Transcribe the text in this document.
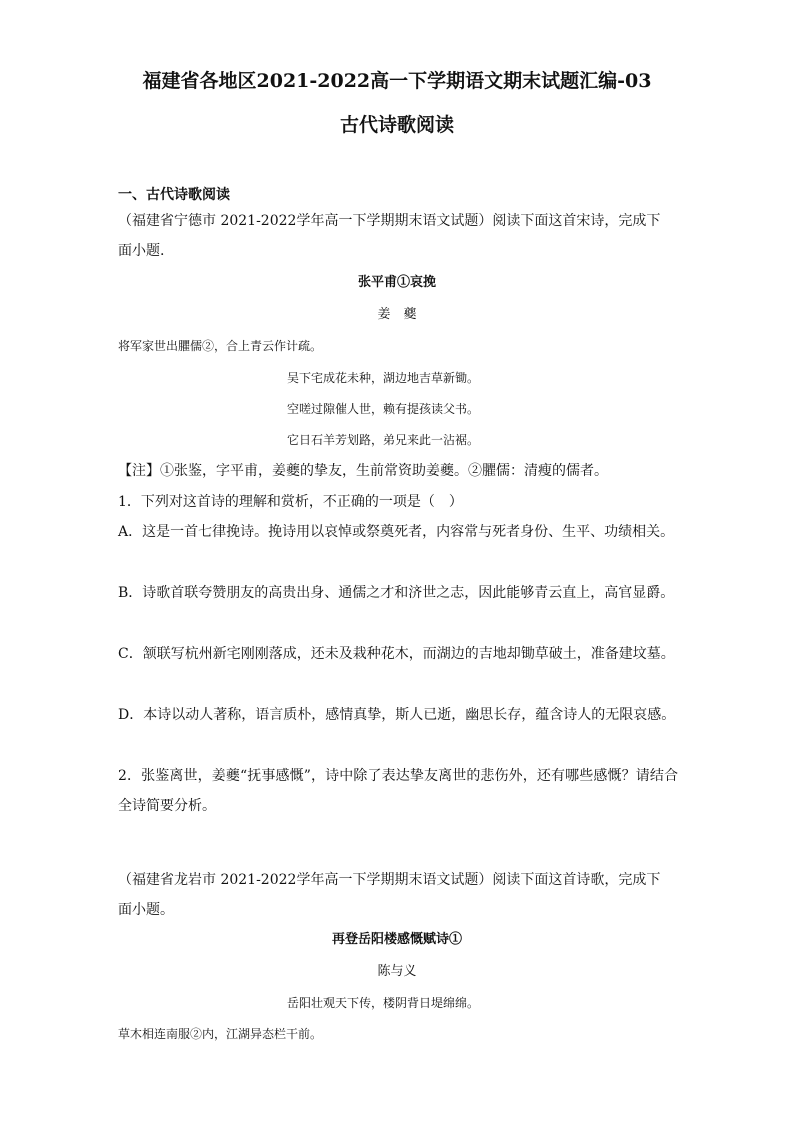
福建省各地区2021-2022高一下学期语文期末试题汇编-03
古代诗歌阅读
一、古代诗歌阅读
（福建省宁德市 2021-2022学年高一下学期期末语文试题）阅读下面这首宋诗，完成下
面小题.
张平甫①哀挽
姜　夔
将军家世出臞儒②，合上青云作计疏。
吴下宅成花未种，湖边地吉草新锄。
空嗟过隙催人世，赖有提孩读父书。
它日石羊芳划路，弟兄来此一沾裾。
【注】①张鉴，字平甫，姜夔的挚友，生前常资助姜夔。②臞儒：清瘦的儒者。
1．下列对这首诗的理解和赏析，不正确的一项是（　）
A．这是一首七律挽诗。挽诗用以哀悼或祭奠死者，内容常与死者身份、生平、功绩相关。
B．诗歌首联夸赞朋友的高贵出身、通儒之才和济世之志，因此能够青云直上，高官显爵。
C．颔联写杭州新宅刚刚落成，还未及栽种花木，而湖边的吉地却锄草破土，准备建坟墓。
D．本诗以动人著称，语言质朴，感情真挚，斯人已逝，幽思长存，蕴含诗人的无限哀感。
2．张鉴离世，姜夔“抚事感慨”，诗中除了表达挚友离世的悲伤外，还有哪些感慨？请结合全诗简要分析。
（福建省龙岩市 2021-2022学年高一下学期期末语文试题）阅读下面这首诗歌，完成下
面小题。
再登岳阳楼感慨赋诗①
陈与义
岳阳壮观天下传，楼阴背日堤绵绵。
草木相连南服②内，江湖异态栏干前。
